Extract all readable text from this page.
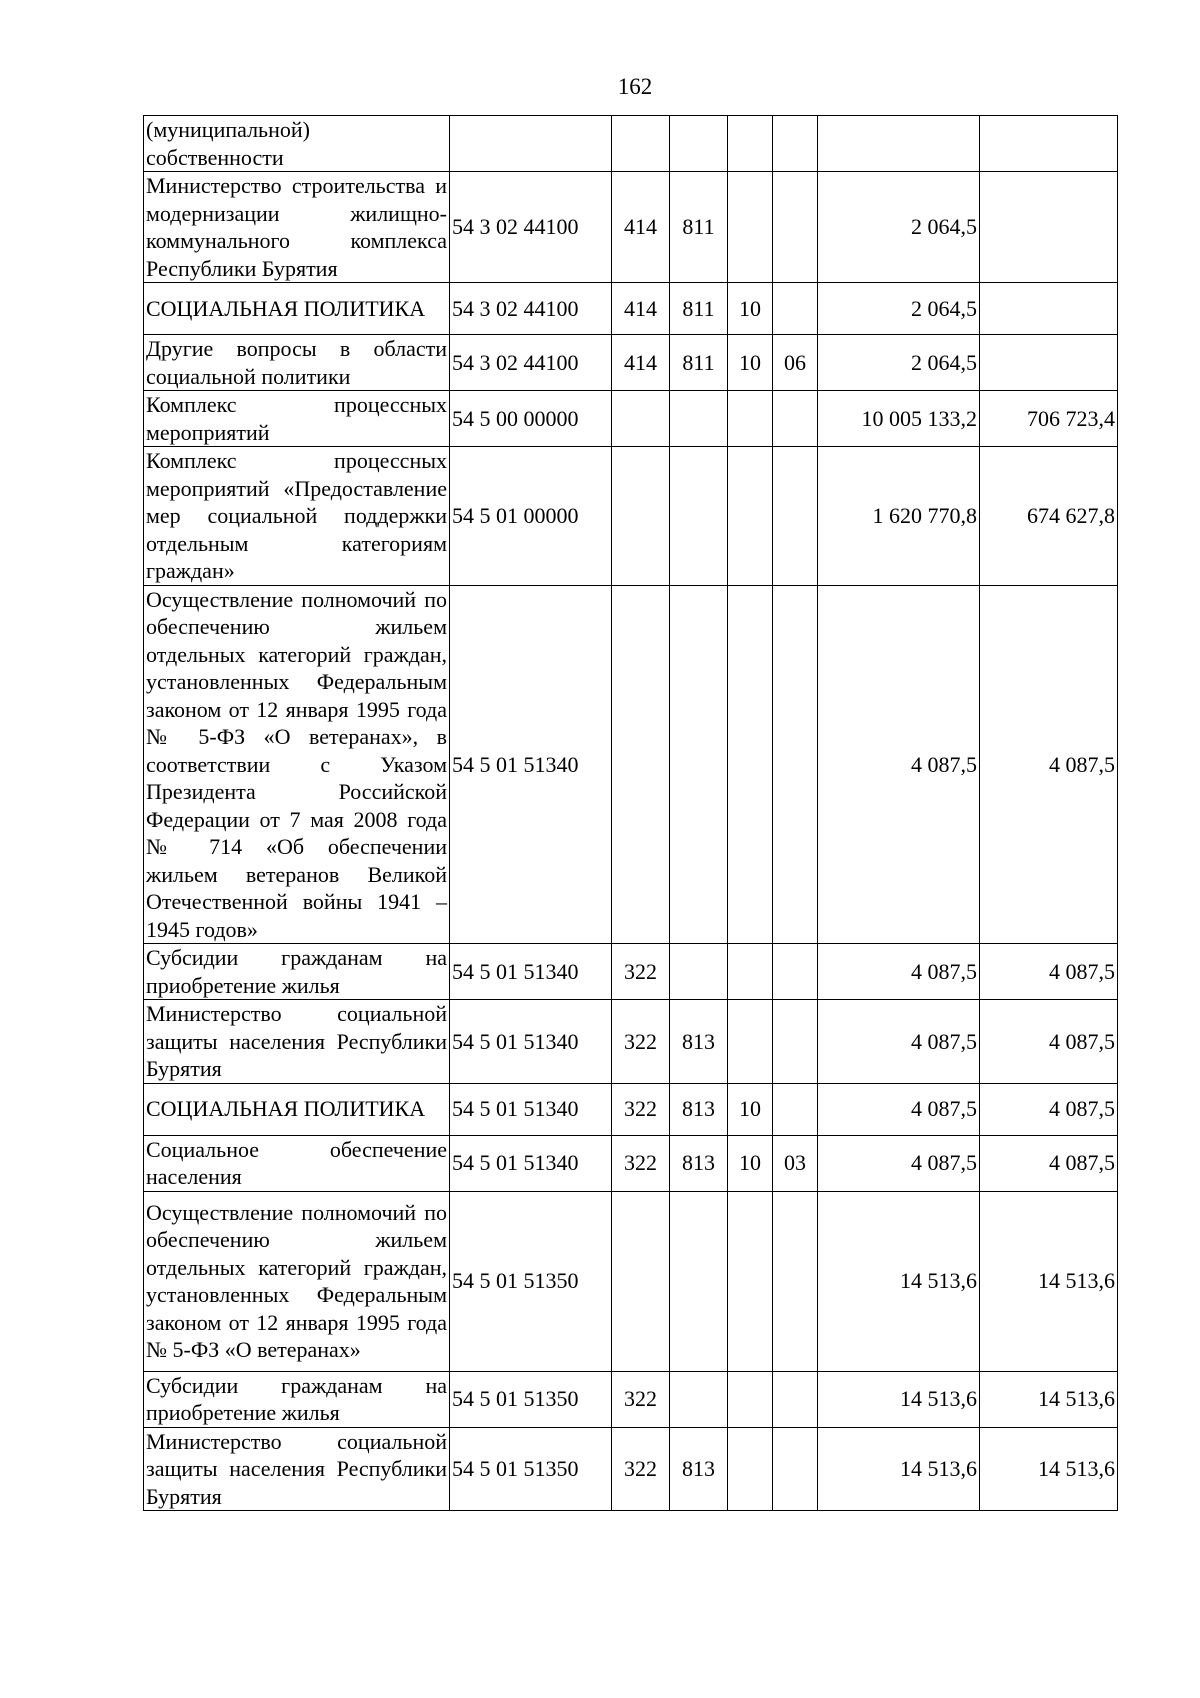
162
(муниципальной) собственности							
Министерство строительства и модернизации жилищно-коммунального комплекса Республики Бурятия	54 3 02 44100	414	811			2 064,5	
СОЦИАЛЬНАЯ ПОЛИТИКА	54 3 02 44100	414	811	10		2 064,5	
Другие вопросы в области социальной политики	54 3 02 44100	414	811	10	06	2 064,5	
Комплекс процессных мероприятий	54 5 00 00000					10 005 133,2	706 723,4
Комплекс процессных мероприятий «Предоставление мер социальной поддержки отдельным категориям граждан»	54 5 01 00000					1 620 770,8	674 627,8
Осуществление полномочий по обеспечению жильем отдельных категорий граждан, установленных Федеральным законом от 12 января 1995 года № 5-ФЗ «О ветеранах», в соответствии с Указом Президента Российской Федерации от 7 мая 2008 года № 714 «Об обеспечении жильем ветеранов Великой Отечественной войны 1941 – 1945 годов»	54 5 01 51340					4 087,5	4 087,5
Субсидии гражданам на приобретение жилья	54 5 01 51340	322				4 087,5	4 087,5
Министерство социальной защиты населения Республики Бурятия	54 5 01 51340	322	813			4 087,5	4 087,5
СОЦИАЛЬНАЯ ПОЛИТИКА	54 5 01 51340	322	813	10		4 087,5	4 087,5
Социальное обеспечение населения	54 5 01 51340	322	813	10	03	4 087,5	4 087,5
Осуществление полномочий по обеспечению жильем отдельных категорий граждан, установленных Федеральным законом от 12 января 1995 года № 5-ФЗ «О ветеранах»	54 5 01 51350					14 513,6	14 513,6
Субсидии гражданам на приобретение жилья	54 5 01 51350	322				14 513,6	14 513,6
Министерство социальной защиты населения Республики Бурятия	54 5 01 51350	322	813			14 513,6	14 513,6
